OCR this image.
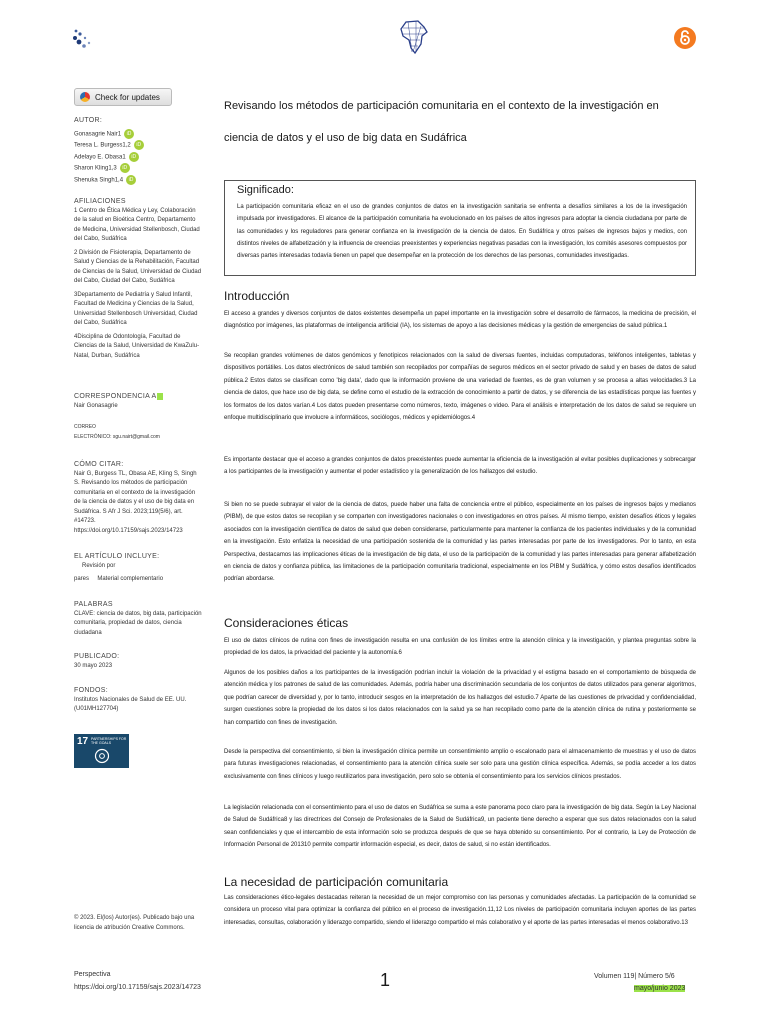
Check for updates
AUTOR:
Gonasagrie Nair1 iD
Teresa L. Burgess1,2 iD
Adelayo E. Obasa1 iD
Sharon Kling1,3 iD
Shenuka Singh1,4 iD
AFILIACIONES
1 Centro de Ética Médica y Ley, Colaboración de la salud en Bioética Centro, Departamento de Medicina, Universidad Stellenbosch, Ciudad del Cabo, Sudáfrica
2 División de Fisioterapia, Departamento de Salud y Ciencias de la Rehabilitación, Facultad de Ciencias de la Salud, Universidad de Ciudad del Cabo, Ciudad del Cabo, Sudáfrica
3Departamento de Pediatría y Salud Infantil, Facultad de Medicina y Ciencias de la Salud, Universidad Stellenbosch Universidad, Ciudad del Cabo, Sudáfrica
4Disciplina de Odontología, Facultad de Ciencias de la Salud, Universidad de KwaZulu-Natal, Durban, Sudáfrica
CORRESPONDENCIA A
Nair Gonasagrie
CORREO
ELECTRÓNICO: sgu.nairt@gmail.com
CÓMO CITAR:
Nair G, Burgess TL, Obasa AE, Kling S, Singh S. Revisando los métodos de participación comunitaria en el contexto de la investigación de la ciencia de datos y el uso de big data en Sudáfrica. S Afr J Sci. 2023;119(5/6), art. #14723. https://doi.org/10.17159/sajs.2023/14723
EL ARTÍCULO INCLUYE:
Revisión por
pares     Material complementario
PALABRAS
CLAVE: ciencia de datos, big data, participación comunitaria, propiedad de datos, ciencia ciudadana
PUBLICADO:
30 mayo 2023
FONDOS:
Institutos Nacionales de Salud de EE. UU. (U01MH127704)
17 PARTNERSHIPS FOR THE GOALS
© 2023. El(los) Autor(es). Publicado bajo una licencia de atribución Creative Commons.
Revisando los métodos de participación comunitaria en el contexto de la investigación en ciencia de datos y el uso de big data en Sudáfrica
Significado:
La participación comunitaria eficaz en el uso de grandes conjuntos de datos en la investigación sanitaria se enfrenta a desafíos similares a los de la investigación impulsada por investigadores. El alcance de la participación comunitaria ha evolucionado en los países de altos ingresos para adoptar la ciencia ciudadana por parte de las comunidades y los reguladores para generar confianza en la investigación de la ciencia de datos. En Sudáfrica y otros países de ingresos bajos y medios, con distintos niveles de alfabetización y la influencia de creencias preexistentes y experiencias negativas pasadas con la investigación, los comités asesores compuestos por diversas partes interesadas todavía tienen un papel que desempeñar en la protección de los derechos de las personas, comunidades investigadas.
Introducción
El acceso a grandes y diversos conjuntos de datos existentes desempeña un papel importante en la investigación sobre el desarrollo de fármacos, la medicina de precisión, el diagnóstico por imágenes, las plataformas de inteligencia artificial (IA), los sistemas de apoyo a las decisiones médicas y la gestión de emergencias de salud pública.1
Se recopilan grandes volúmenes de datos genómicos y fenotípicos relacionados con la salud de diversas fuentes, incluidas computadoras, teléfonos inteligentes, tabletas y dispositivos portátiles. Los datos electrónicos de salud también son recopilados por compañías de seguros médicos en el sector privado de salud y en bases de datos de salud pública.2 Estos datos se clasifican como 'big data', dado que la información proviene de una variedad de fuentes, es de gran volumen y se procesa a altas velocidades.3 La ciencia de datos, que hace uso de big data, se define como el estudio de la extracción de conocimiento a partir de datos, y se diferencia de las estadísticas porque las fuentes y los formatos de los datos varían.4 Los datos pueden presentarse como números, texto, imágenes o video. Para el análisis e interpretación de los datos de salud se requiere un enfoque multidisciplinario que involucre a informáticos, sociólogos, médicos y epidemiólogos.4
Es importante destacar que el acceso a grandes conjuntos de datos preexistentes puede aumentar la eficiencia de la investigación al evitar posibles duplicaciones y sobrecargar a los participantes de la investigación y aumentar el poder estadístico y la generalización de los hallazgos del estudio.
Si bien no se puede subrayar el valor de la ciencia de datos, puede haber una falta de conciencia entre el público, especialmente en los países de ingresos bajos y medianos (PIBM), de que estos datos se recopilan y se comparten con investigadores nacionales o con investigadores en otros países. Al mismo tiempo, existen desafíos éticos y legales asociados con la investigación científica de datos de salud que deben considerarse, particularmente para mantener la confianza de los pacientes individuales y de la comunidad en la investigación. Esto enfatiza la necesidad de una participación sostenida de la comunidad y las partes interesadas por parte de los investigadores. Por lo tanto, en esta Perspectiva, destacamos las implicaciones éticas de la investigación de big data, el uso de la participación de la comunidad y las partes interesadas para generar alfabetización en ciencia de datos y confianza pública, las limitaciones de la participación comunitaria tradicional, especialmente en los PIBM y Sudáfrica, y cómo estos desafíos identificados podrían abordarse.
Consideraciones éticas
El uso de datos clínicos de rutina con fines de investigación resulta en una confusión de los límites entre la atención clínica y la investigación, y plantea preguntas sobre la propiedad de los datos, la privacidad del paciente y la autonomía.6
Algunos de los posibles daños a los participantes de la investigación podrían incluir la violación de la privacidad y el estigma basado en el comportamiento de búsqueda de atención médica y los patrones de salud de las comunidades. Además, podría haber una discriminación secundaria de los conjuntos de datos utilizados para generar algoritmos, que podrían carecer de diversidad y, por lo tanto, introducir sesgos en la interpretación de los hallazgos del estudio.7 Aparte de las cuestiones de privacidad y confidencialidad, surgen cuestiones sobre la propiedad de los datos si los datos relacionados con la salud ya se han recopilado como parte de la atención clínica de rutina y posteriormente se han compartido con fines de investigación.
Desde la perspectiva del consentimiento, si bien la investigación clínica permite un consentimiento amplio o escalonado para el almacenamiento de muestras y el uso de datos para futuras investigaciones relacionadas, el consentimiento para la atención clínica suele ser solo para una gestión clínica específica. Además, se podía acceder a los datos exclusivamente con fines clínicos y luego reutilizarlos para investigación, pero solo se obtenía el consentimiento para los servicios clínicos prestados.
La legislación relacionada con el consentimiento para el uso de datos en Sudáfrica se suma a este panorama poco claro para la investigación de big data. Según la Ley Nacional de Salud de Sudáfrica8 y las directrices del Consejo de Profesionales de la Salud de Sudáfrica9, un paciente tiene derecho a esperar que sus datos relacionados con la salud sean confidenciales y que el intercambio de esta información solo se produzca después de que se haya obtenido su consentimiento. Por el contrario, la Ley de Protección de Información Personal de 201310 permite compartir información especial, es decir, datos de salud, si no están identificados.
La necesidad de participación comunitaria
Las consideraciones ético-legales destacadas reiteran la necesidad de un mejor compromiso con las personas y comunidades afectadas. La participación de la comunidad se considera un proceso vital para optimizar la confianza del público en el proceso de investigación.11,12 Los niveles de participación comunitaria incluyen aportes de las partes interesadas, consultas, colaboración y liderazgo compartido, siendo el liderazgo compartido el más colaborativo y el aporte de las partes interesadas el menos colaborativo.13
Perspectiva
https://doi.org/10.17159/sajs.2023/14723	1	Volumen 119| Número 5/6
mayo/junio 2023
